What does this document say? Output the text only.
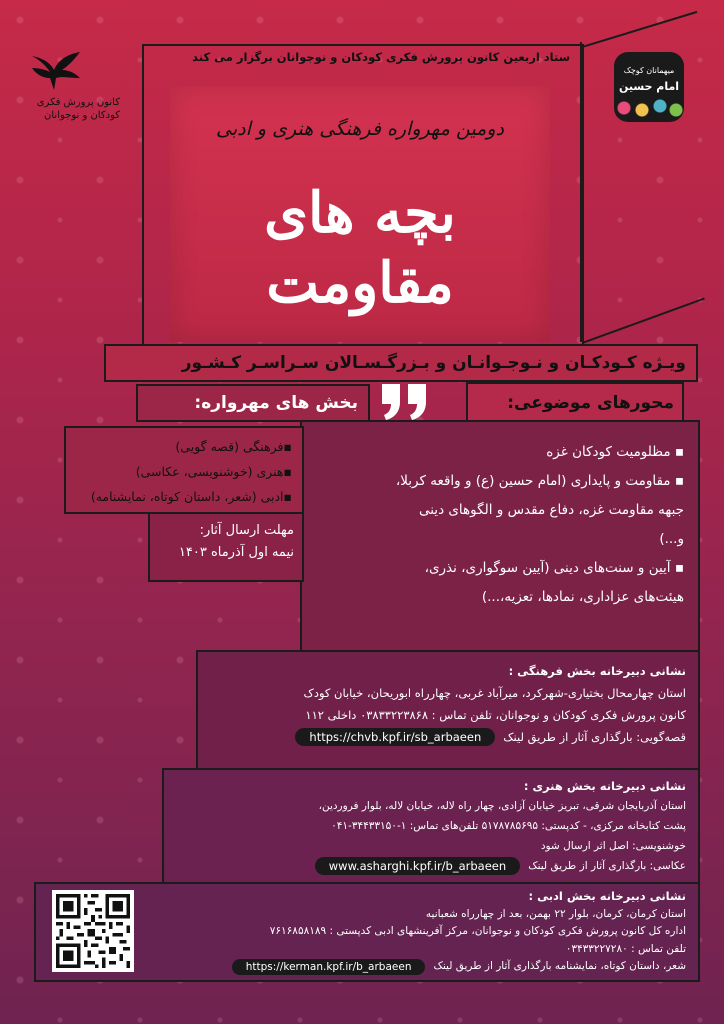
کانون پرورش فکری
کودکان و نوجوانان
میهمانان کوچک
امام حسین
ستاد اربعین کانون پرورش فکری کودکان و نوجوانان برگزار می کند
دومین مهرواره فرهنگی هنری و ادبی
بچه های مقاومت
ویـژه کـودکـان و نـوجـوانـان و بـزرگـسـالان سـراسـر کـشـور
محورهای موضوعی:
بخش های مهرواره:

▪ مظلومیت کودکان غزه

▪ مقاومت و پایداری (امام حسین (ع) و واقعه کربلا،

جبهه مقاومت غزه، دفاع مقدس و الگوهای دینی

و...)

▪ آیین و سنت‌های دینی (آیین سوگواری، نذری،

هیئت‌های عزاداری، نمادها، تعزیه،...)

▪فرهنگی (قصه گویی)

▪هنری (خوشنویسی، عکاسی)

▪ادبی (شعر، داستان کوتاه، نمایشنامه)

مهلت ارسال آثار:
نیمه اول آذرماه ۱۴۰۳
نشانی دبیرخانه بخش فرهنگی :
استان چهارمحال بختیاری-شهرکرد، میرآباد غربی، چهارراه ابوریحان، خیابان کودک
کانون پرورش فکری کودکان و نوجوانان، تلفن تماس : ۰۳۸۳۳۲۲۳۸۶۸ داخلی ۱۱۲
قصه‌گویی: بارگذاری آثار از طریق لینک
https://chvb.kpf.ir/sb_arbaeen
نشانی دبیرخانه بخش هنری :
استان آذربایجان شرقی، تبریز خیابان آزادی، چهار راه لاله، خیابان لاله، بلوار فروردین،
پشت کتابخانه مرکزی، - کدپستی: ۵۱۷۸۷۸۵۶۹۵ تلفن‌های تماس: ۱-۳۴۴۳۳۱۵۰-۰۴۱
خوشنویسی: اصل اثر ارسال شود
عکاسی: بارگذاری آثار از طریق لینک
www.asharghi.kpf.ir/b_arbaeen
نشانی دبیرخانه بخش ادبی :
استان کرمان، کرمان، بلوار ۲۲ بهمن، بعد از چهارراه شعبانیه
اداره کل کانون پرورش فکری کودکان و نوجوانان، مرکز آفرینشهای ادبی کدپستی : ۷۶۱۶۸۵۸۱۸۹
تلفن تماس : ۰۳۴۳۳۲۲۷۲۸۰
شعر، داستان کوتاه، نمایشنامه بارگذاری آثار از طریق لینک
https://kerman.kpf.ir/b_arbaeen
